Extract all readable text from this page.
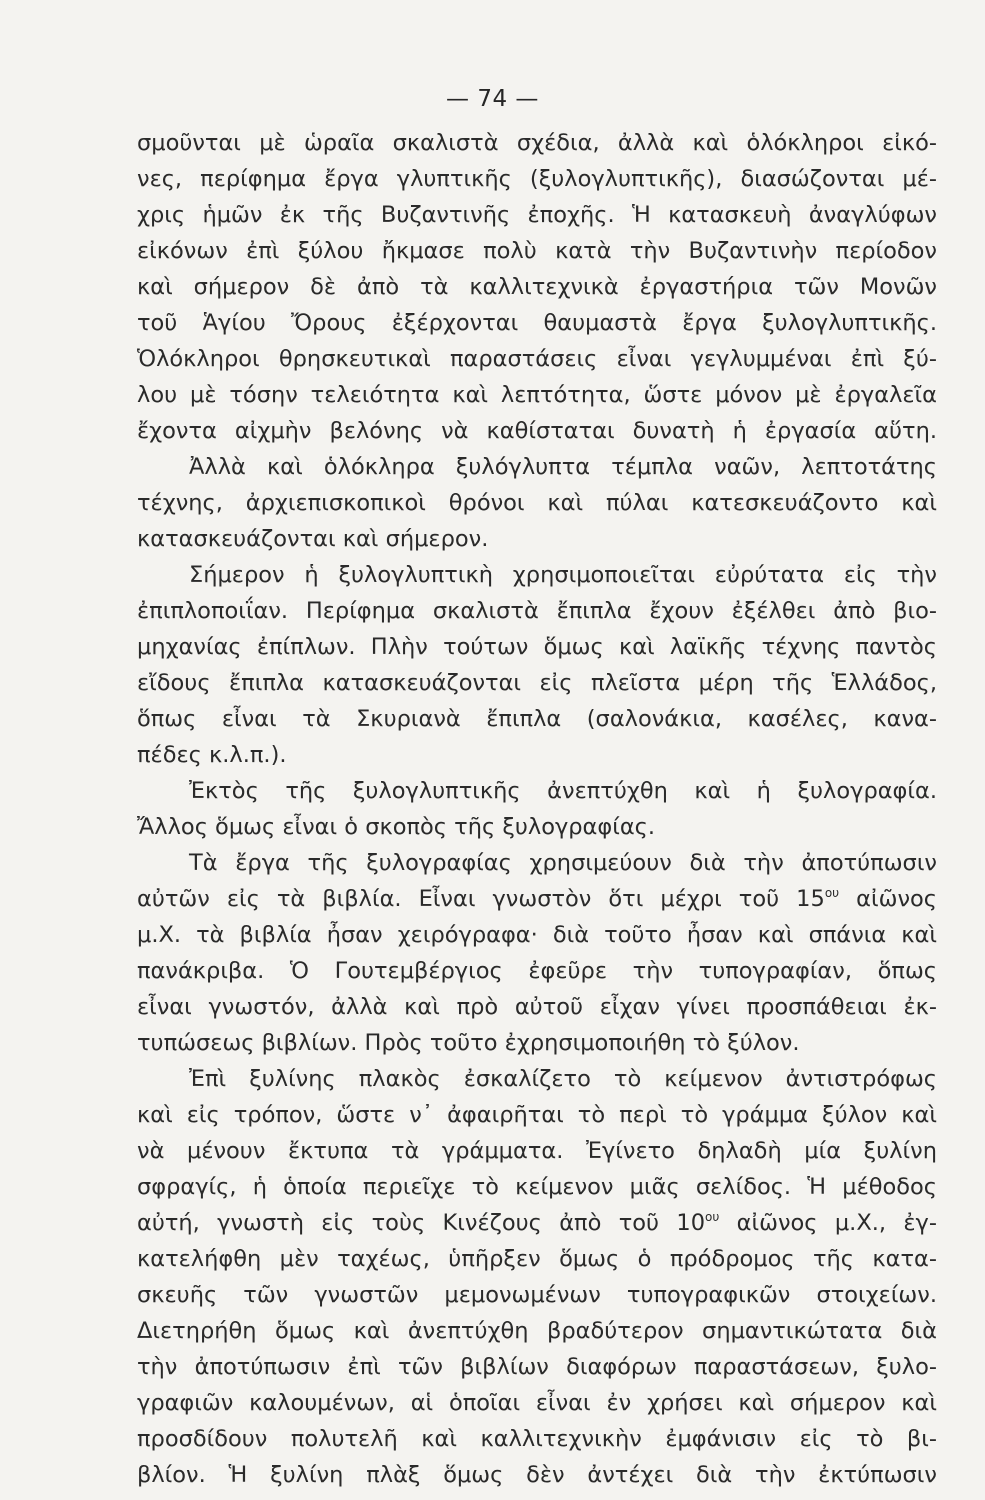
— 74 —
σμοῦνται μὲ ὡραῖα σκαλιστὰ σχέδια, ἀλλὰ καὶ ὁλόκληροι εἰκό-
νες, περίφημα ἔργα γλυπτικῆς (ξυλογλυπτικῆς), διασώζονται μέ-
χρις ἡμῶν ἐκ τῆς Βυζαντινῆς ἐποχῆς. Ἡ κατασκευὴ ἀναγλύφων
εἰκόνων ἐπὶ ξύλου ἤκμασε πολὺ κατὰ τὴν Βυζαντινὴν περίοδον
καὶ σήμερον δὲ ἀπὸ τὰ καλλιτεχνικὰ ἐργαστήρια τῶν Μονῶν
τοῦ Ἁγίου Ὄρους ἐξέρχονται θαυμαστὰ ἔργα ξυλογλυπτικῆς.
Ὁλόκληροι θρησκευτικαὶ παραστάσεις εἶναι γεγλυμμέναι ἐπὶ ξύ-
λου μὲ τόσην τελειότητα καὶ λεπτότητα, ὥστε μόνον μὲ ἐργαλεῖα
ἔχοντα αἰχμὴν βελόνης νὰ καθίσταται δυνατὴ ἡ ἐργασία αὕτη.
Ἀλλὰ καὶ ὁλόκληρα ξυλόγλυπτα τέμπλα ναῶν, λεπτοτάτης
τέχνης, ἀρχιεπισκοπικοὶ θρόνοι καὶ πύλαι κατεσκευάζοντο καὶ
κατασκευάζονται καὶ σήμερον.
Σήμερον ἡ ξυλογλυπτικὴ χρησιμοποιεῖται εὐρύτατα εἰς τὴν
ἐπιπλοποιΐαν. Περίφημα σκαλιστὰ ἔπιπλα ἔχουν ἐξέλθει ἀπὸ βιο-
μηχανίας ἐπίπλων. Πλὴν τούτων ὅμως καὶ λαϊκῆς τέχνης παντὸς
εἴδους ἔπιπλα κατασκευάζονται εἰς πλεῖστα μέρη τῆς Ἑλλάδος,
ὅπως εἶναι τὰ Σκυριανὰ ἔπιπλα (σαλονάκια, κασέλες, κανα-
πέδες κ.λ.π.).
Ἐκτὸς τῆς ξυλογλυπτικῆς ἀνεπτύχθη καὶ ἡ ξυλογραφία.
Ἄλλος ὅμως εἶναι ὁ σκοπὸς τῆς ξυλογραφίας.
Τὰ ἔργα τῆς ξυλογραφίας χρησιμεύουν διὰ τὴν ἀποτύπωσιν
αὐτῶν εἰς τὰ βιβλία. Εἶναι γνωστὸν ὅτι μέχρι τοῦ $15^{o\upsilon}$ αἰῶνος
μ.Χ. τὰ βιβλία ἦσαν χειρόγραφα· διὰ τοῦτο ἦσαν καὶ σπάνια καὶ
πανάκριβα. Ὁ Γουτεμβέργιος ἐφεῦρε τὴν τυπογραφίαν, ὅπως
εἶναι γνωστόν, ἀλλὰ καὶ πρὸ αὐτοῦ εἶχαν γίνει προσπάθειαι ἐκ-
τυπώσεως βιβλίων. Πρὸς τοῦτο ἐχρησιμοποιήθη τὸ ξύλον.
Ἐπὶ ξυλίνης πλακὸς ἐσκαλίζετο τὸ κείμενον ἀντιστρόφως
καὶ εἰς τρόπον, ὥστε ν᾽ ἀφαιρῆται τὸ περὶ τὸ γράμμα ξύλον καὶ
νὰ μένουν ἔκτυπα τὰ γράμματα. Ἐγίνετο δηλαδὴ μία ξυλίνη
σφραγίς, ἡ ὁποία περιεῖχε τὸ κείμενον μιᾶς σελίδος. Ἡ μέθοδος
αὐτή, γνωστὴ εἰς τοὺς Κινέζους ἀπὸ τοῦ $10^{o\upsilon}$ αἰῶνος μ.Χ., ἐγ-
κατελήφθη μὲν ταχέως, ὑπῆρξεν ὅμως ὁ πρόδρομος τῆς κατα-
σκευῆς τῶν γνωστῶν μεμονωμένων τυπογραφικῶν στοιχείων.
Διετηρήθη ὅμως καὶ ἀνεπτύχθη βραδύτερον σημαντικώτατα διὰ
τὴν ἀποτύπωσιν ἐπὶ τῶν βιβλίων διαφόρων παραστάσεων, ξυλο-
γραφιῶν καλουμένων, αἱ ὁποῖαι εἶναι ἐν χρήσει καὶ σήμερον καὶ
προσδίδουν πολυτελῆ καὶ καλλιτεχνικὴν ἐμφάνισιν εἰς τὸ βι-
βλίον. Ἡ ξυλίνη πλὰξ ὅμως δὲν ἀντέχει διὰ τὴν ἐκτύπωσιν
